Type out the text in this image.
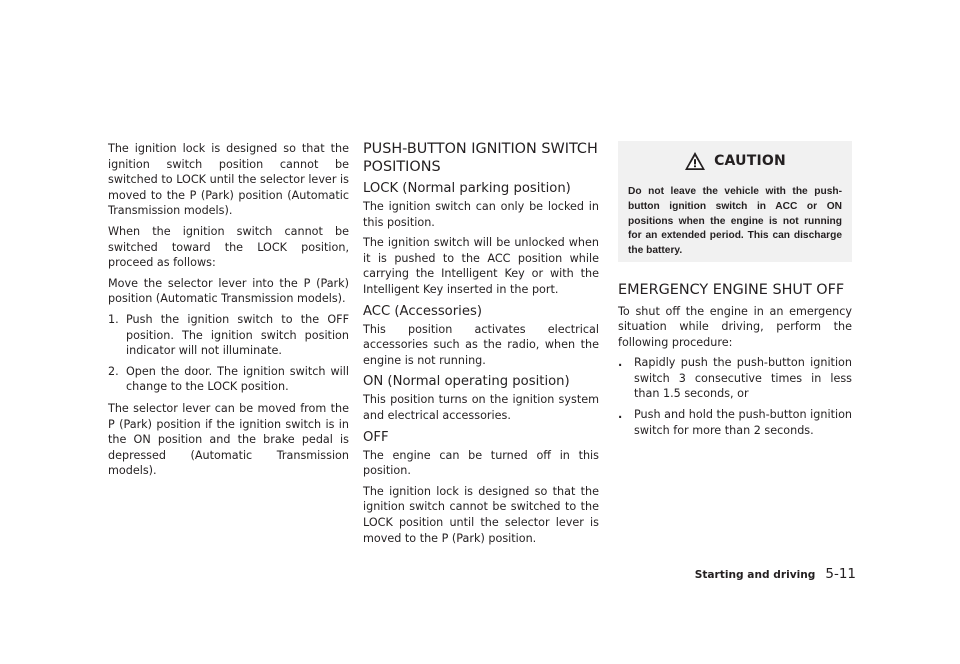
The ignition lock is designed so that the ignition switch position cannot be switched to LOCK until the selector lever is moved to the P (Park) position (Automatic Transmission models).

When the ignition switch cannot be switched toward the LOCK position, proceed as follows:

Move the selector lever into the P (Park) position (Automatic Transmission models).

1. Push the ignition switch to the OFF position. The ignition switch position indicator will not illuminate.
2. Open the door. The ignition switch will change to the LOCK position.

The selector lever can be moved from the P (Park) position if the ignition switch is in the ON position and the brake pedal is depressed (Automatic Transmission models).

PUSH-BUTTON IGNITION SWITCH POSITIONS
LOCK (Normal parking position)

The ignition switch can only be locked in this position.

The ignition switch will be unlocked when it is pushed to the ACC position while carrying the Intelligent Key or with the Intelligent Key inserted in the port.

ACC (Accessories)

This position activates electrical accessories such as the radio, when the engine is not running.

ON (Normal operating position)

This position turns on the ignition system and electrical accessories.

OFF

The engine can be turned off in this position.

The ignition lock is designed so that the ignition switch cannot be switched to the LOCK position until the selector lever is moved to the P (Park) position.

CAUTION

Do not leave the vehicle with the push-button ignition switch in ACC or ON positions when the engine is not running for an extended period. This can discharge the battery.

EMERGENCY ENGINE SHUT OFF

To shut off the engine in an emergency situation while driving, perform the following procedure:

.	Rapidly push the push-button ignition switch 3 consecutive times in less than 1.5 seconds, or
.	Push and hold the push-button ignition switch for more than 2 seconds.
Starting and driving 5-11
